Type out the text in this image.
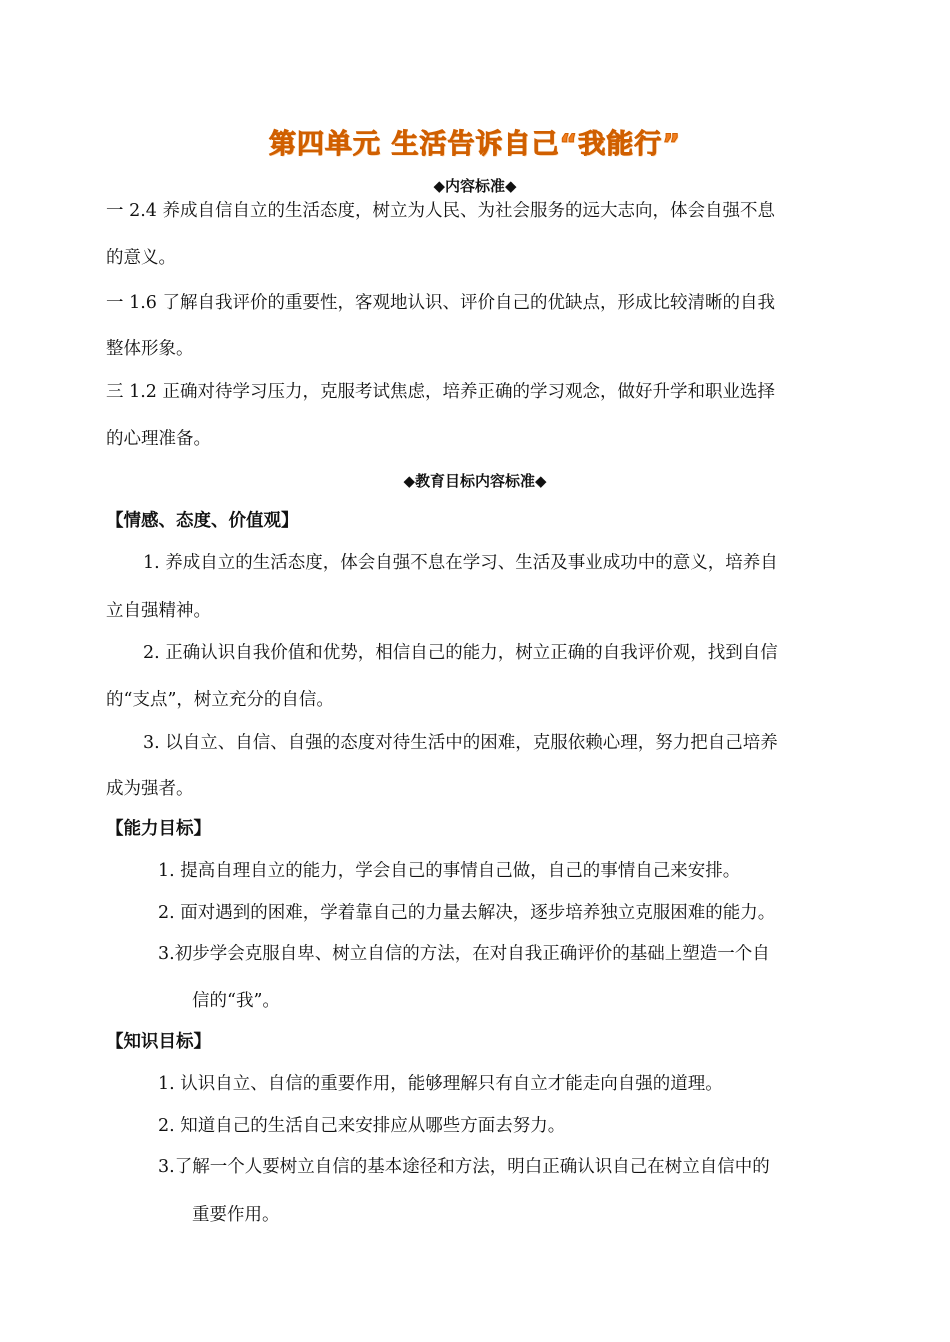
第四单元 生活告诉自己“我能行”
◆内容标准◆
一 2.4 养成自信自立的生活态度，树立为人民、为社会服务的远大志向，体会自强不息
的意义。
一 1.6 了解自我评价的重要性，客观地认识、评价自己的优缺点，形成比较清晰的自我
整体形象。
三 1.2 正确对待学习压力，克服考试焦虑，培养正确的学习观念，做好升学和职业选择
的心理准备。
◆教育目标内容标准◆
【情感、态度、价值观】
1. 养成自立的生活态度，体会自强不息在学习、生活及事业成功中的意义，培养自
立自强精神。
2. 正确认识自我价值和优势，相信自己的能力，树立正确的自我评价观，找到自信
的“支点”，树立充分的自信。
3. 以自立、自信、自强的态度对待生活中的困难，克服依赖心理，努力把自己培养
成为强者。
【能力目标】
1. 提高自理自立的能力，学会自己的事情自己做，自己的事情自己来安排。
2. 面对遇到的困难，学着靠自己的力量去解决，逐步培养独立克服困难的能力。
3.初步学会克服自卑、树立自信的方法，在对自我正确评价的基础上塑造一个自
信的“我”。
【知识目标】
1. 认识自立、自信的重要作用，能够理解只有自立才能走向自强的道理。
2. 知道自己的生活自己来安排应从哪些方面去努力。
3.了解一个人要树立自信的基本途径和方法，明白正确认识自己在树立自信中的
重要作用。
